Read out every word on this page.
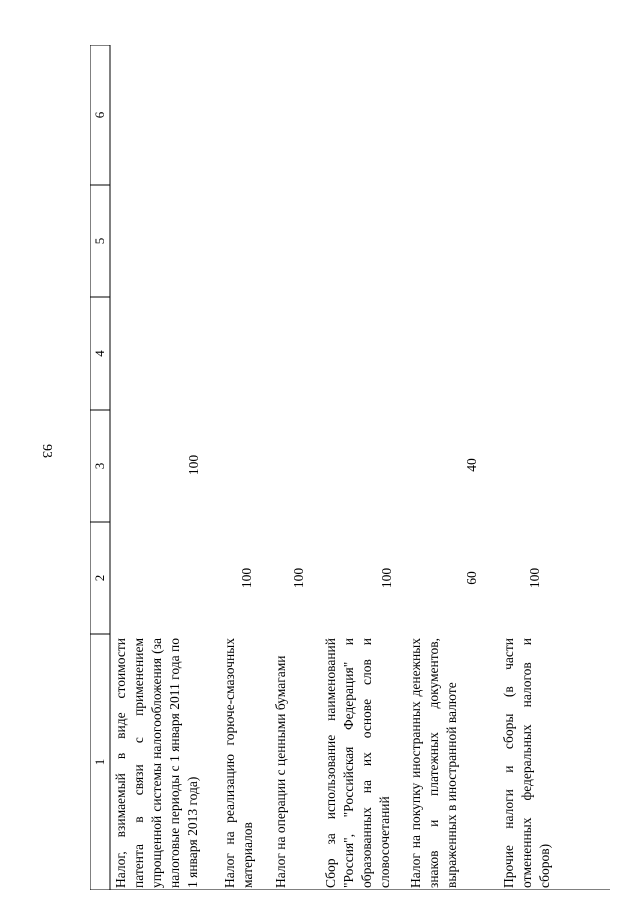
93
1
2
3
4
5
6
Налог, взимаемый в виде стоимости патента в связи с применением упрощенной системы налогообложения (за налоговые периоды с 1 января 2011 года по 1 января 2013 года)
100
Налог на реализацию горюче-смазочных материалов
100
Налог на операции с ценными бумагами
100
Сбор за использование наименований "Россия", "Российская Федерация" и образованных на их основе слов и словосочетаний
100
Налог на покупку иностранных денежных знаков и платежных документов, выраженных в иностранной валюте
60
40
Прочие налоги и сборы (в части отмененных федеральных налогов и сборов)
100
